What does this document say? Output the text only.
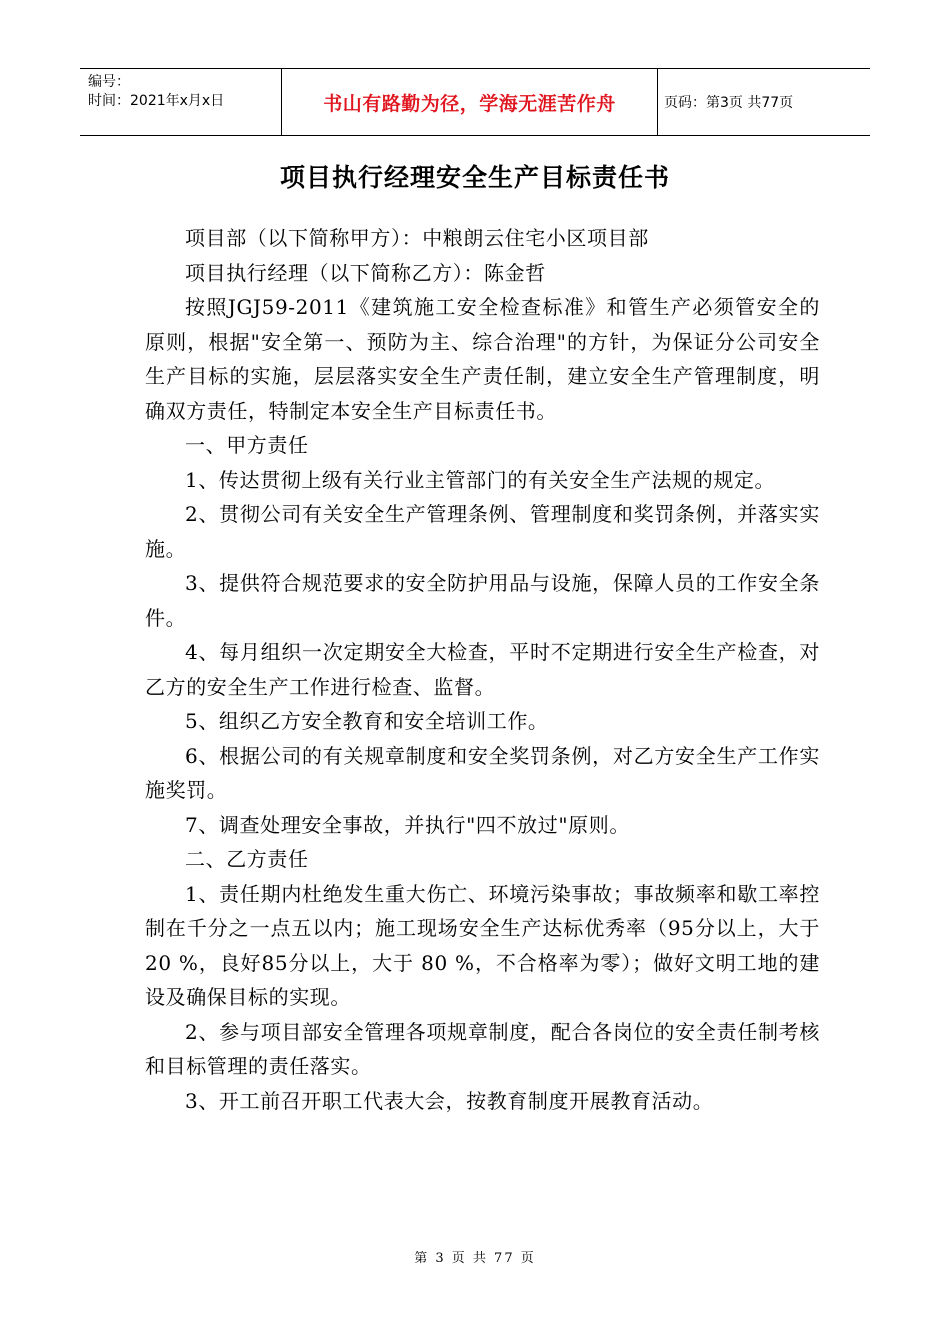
编号：
时间：2021年x月x日	书山有路勤为径，学海无涯苦作舟	页码：第3页 共77页
项目执行经理安全生产目标责任书

项目部（以下简称甲方）：中粮朗云住宅小区项目部

项目执行经理（以下简称乙方）：陈金哲

按照JGJ59-2011《建筑施工安全检查标准》和管生产必须管安全的原则，根据"安全第一、预防为主、综合治理"的方针，为保证分公司安全生产目标的实施，层层落实安全生产责任制，建立安全生产管理制度，明确双方责任，特制定本安全生产目标责任书。

一、甲方责任

1、传达贯彻上级有关行业主管部门的有关安全生产法规的规定。

2、贯彻公司有关安全生产管理条例、管理制度和奖罚条例，并落实实施。

3、提供符合规范要求的安全防护用品与设施，保障人员的工作安全条件。

4、每月组织一次定期安全大检查，平时不定期进行安全生产检查，对乙方的安全生产工作进行检查、监督。

5、组织乙方安全教育和安全培训工作。

6、根据公司的有关规章制度和安全奖罚条例，对乙方安全生产工作实施奖罚。

7、调查处理安全事故，并执行"四不放过"原则。

二、乙方责任

1、责任期内杜绝发生重大伤亡、环境污染事故；事故频率和歇工率控制在千分之一点五以内；施工现场安全生产达标优秀率（95分以上，大于 20 %，良好85分以上，大于 80 %，不合格率为零）；做好文明工地的建设及确保目标的实现。

2、参与项目部安全管理各项规章制度，配合各岗位的安全责任制考核和目标管理的责任落实。

3、开工前召开职工代表大会，按教育制度开展教育活动。

第 3 页 共 77 页
